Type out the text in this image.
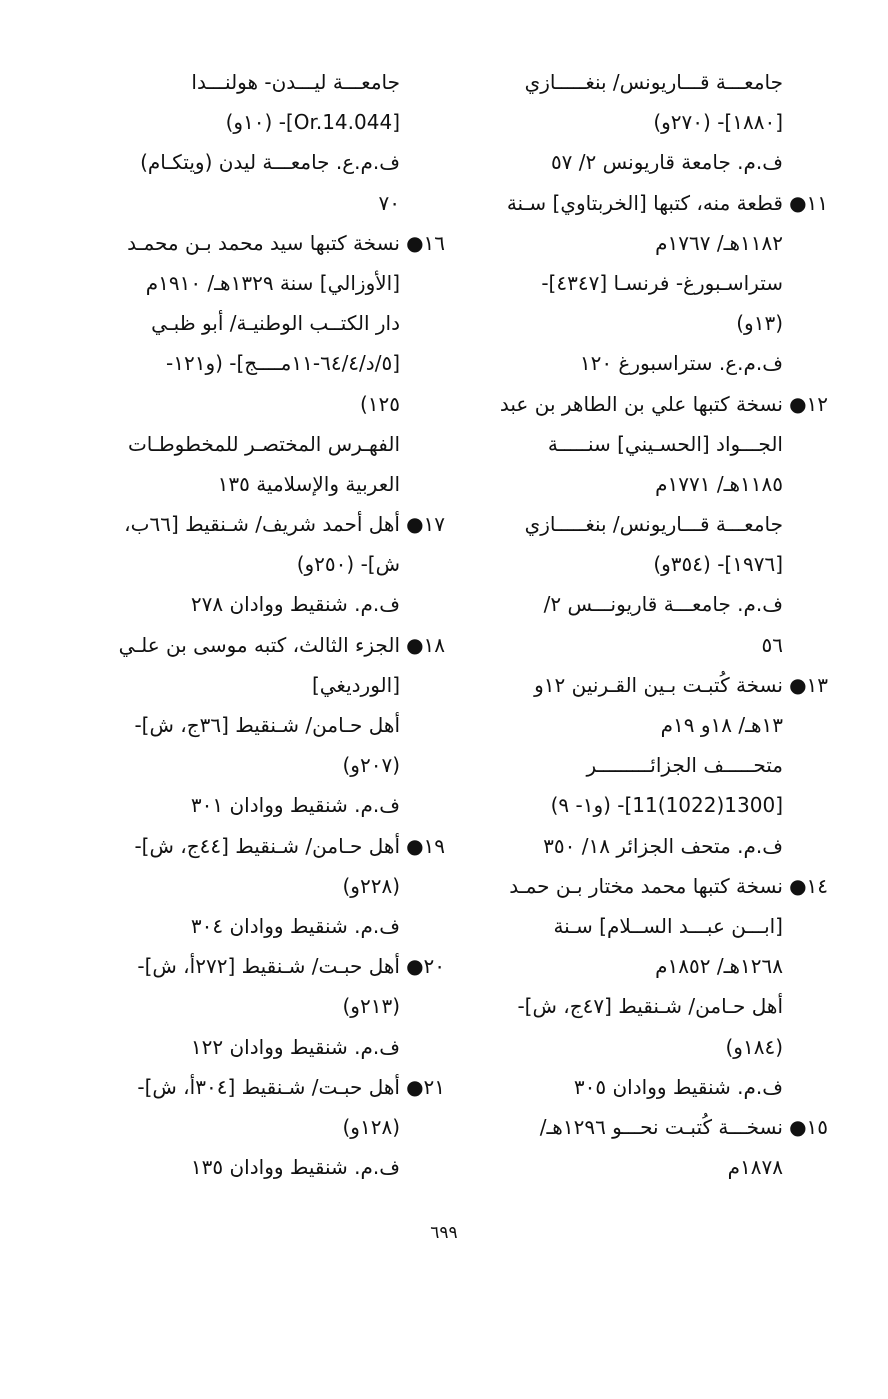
جامعـــة قـــاريونس/ بنغـــــازي
[١٨٨٠]- (٢٧٠و)
ف.م. جامعة قاريونس ٢/ ٥٧
١١●قطعة منه، كتبها [الخربتاوي] سـنة
١١٨٢هـ/ ١٧٦٧م
ستراسـبورغ- فرنسـا [٤٣٤٧]-
(١٣و)
ف.م.ع. ستراسبورغ ١٢٠
١٢●نسخة كتبها علي بن الطاهر بن عبد
الجـــواد [الحسـيني] سنـــــة
١١٨٥هـ/ ١٧٧١م
جامعـــة قـــاريونس/ بنغـــــازي
[١٩٧٦]- (٣٥٤و)
ف.م. جامعـــة قاريونـــس ٢/
٥٦
١٣●نسخة كُتبـت بـين القـرنين ١٢و
١٣هـ/ ١٨و ١٩م
متحـــــف الجزائـــــــــر
[1300(1022)11]- (و١- ٩)
ف.م. متحف الجزائر ١٨/ ٣٥٠
١٤●نسخة كتبها محمد مختار بـن حمـد
[ابـــن عبـــد الســلام] سـنة
١٢٦٨هـ/ ١٨٥٢م
أهل حـامن/ شـنقيط [٤٧ج، ش]-
(١٨٤و)
ف.م. شنقيط ووادان ٣٠٥
١٥●نسخـــة كُتبـت نحـــو ١٢٩٦هـ/
١٨٧٨م
جامعـــة ليـــدن- هولنـــدا
[Or.14.044]- (١٠و)
ف.م.ع. جامعـــة ليدن (ويتكـام)
٧٠
١٦●نسخة كتبها سيد محمد بـن محمـد
[الأوزالي] سنة ١٣٢٩هـ/ ١٩١٠م
دار الكتــب الوطنيـة/ أبو ظبـي
[٥/د/٦٤/٤-١١مــــج]- (و١٢١-
١٢٥)
الفهـرس المختصـر للمخطوطـات
العربية والإسلامية ١٣٥
١٧●أهل أحمد شريف/ شـنقيط [٦٦ب،
ش]- (٢٥٠و)
ف.م. شنقيط ووادان ٢٧٨
١٨●الجزء الثالث، كتبه موسى بن علـي
[الورديغي]
أهل حـامن/ شـنقيط [٣٦ج، ش]-
(٢٠٧و)
ف.م. شنقيط ووادان ٣٠١
١٩●أهل حـامن/ شـنقيط [٤٤ج، ش]-
(٢٢٨و)
ف.م. شنقيط ووادان ٣٠٤
٢٠●أهل حبـت/ شـنقيط [٢٧٢أ، ش]-
(٢١٣و)
ف.م. شنقيط ووادان ١٢٢
٢١●أهل حبـت/ شـنقيط [٣٠٤أ، ش]-
(١٢٨و)
ف.م. شنقيط ووادان ١٣٥
٦٩٩
